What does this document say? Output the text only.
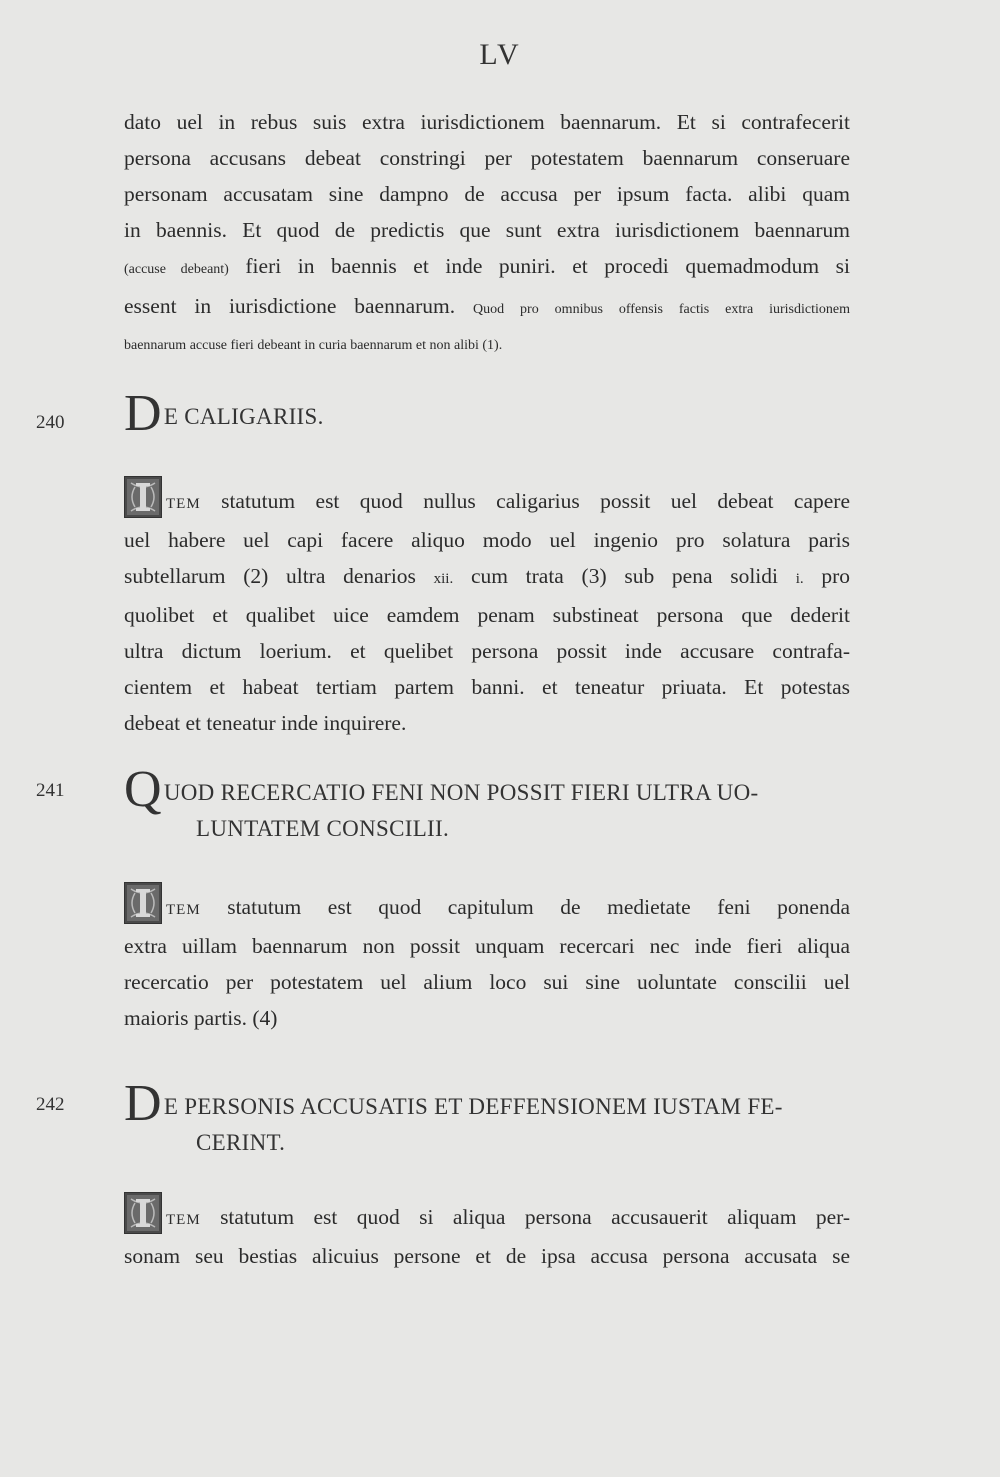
LV

dato uel in rebus suis extra iurisdictionem baennarum. Et si contrafecerit

persona accusans debeat constringi per potestatem baennarum conseruare

personam accusatam sine dampno de accusa per ipsum facta. alibi quam

in baennis. Et quod de predictis que sunt extra iurisdictionem baennarum

(accuse debeant) fieri in baennis et inde puniri. et procedi quemadmodum si

essent in iurisdictione baennarum. Quod pro omnibus offensis factis extra iurisdictionem

baennarum accuse fieri debeant in curia baennarum et non alibi (1).

240 DE CALIGARIIS.

TEM statutum est quod nullus caligarius possit uel debeat capere

uel habere uel capi facere aliquo modo uel ingenio pro solatura paris

subtellarum (2) ultra denarios xii. cum trata (3) sub pena solidi i. pro

quolibet et qualibet uice eamdem penam substineat persona que dederit

ultra dictum loerium. et quelibet persona possit inde accusare contrafa-

cientem et habeat tertiam partem banni. et teneatur priuata. Et potestas

debeat et teneatur inde inquirere.

241 QUOD RECERCATIO FENI NON POSSIT FIERI ULTRA UO-
LUNTATEM CONSCILII.

TEM statutum est quod capitulum de medietate feni ponenda

extra uillam baennarum non possit unquam recercari nec inde fieri aliqua

recercatio per potestatem uel alium loco sui sine uoluntate conscilii uel

maioris partis. (4)

242 DE PERSONIS ACCUSATIS ET DEFFENSIONEM IUSTAM FE-
CERINT.

TEM statutum est quod si aliqua persona accusauerit aliquam per-

sonam seu bestias alicuius persone et de ipsa accusa persona accusata se
